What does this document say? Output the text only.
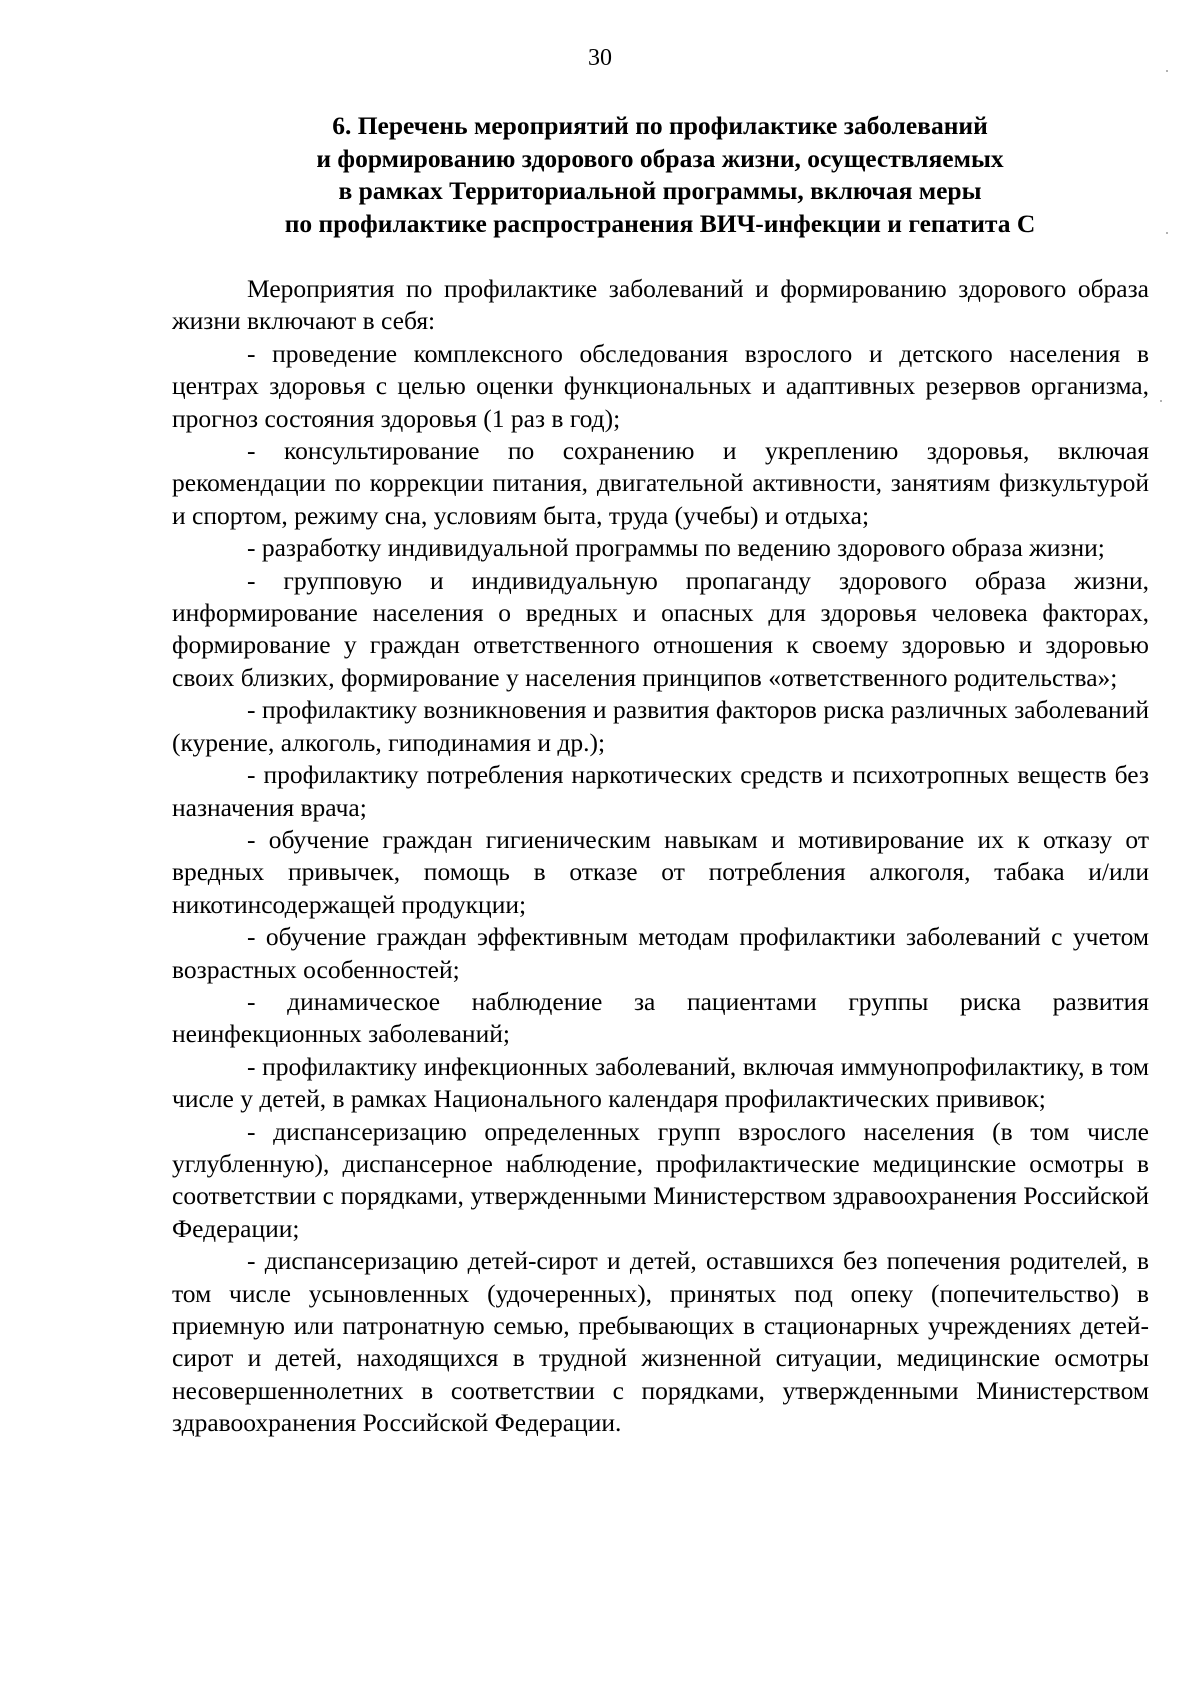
30
6. Перечень мероприятий по профилактике заболеваний
и формированию здорового образа жизни, осуществляемых
в рамках Территориальной программы, включая меры
по профилактике распространения ВИЧ-инфекции и гепатита С

Мероприятия по профилактике заболеваний и формированию здорового образа жизни включают в себя:

- проведение комплексного обследования взрослого и детского населения в центрах здоровья с целью оценки функциональных и адаптивных резервов организма, прогноз состояния здоровья (1 раз в год);

- консультирование по сохранению и укреплению здоровья, включая рекомендации по коррекции питания, двигательной активности, занятиям физкультурой и спортом, режиму сна, условиям быта, труда (учебы) и отдыха;

- разработку индивидуальной программы по ведению здорового образа жизни;

- групповую и индивидуальную пропаганду здорового образа жизни, информирование населения о вредных и опасных для здоровья человека факторах, формирование у граждан ответственного отношения к своему здоровью и здоровью своих близких, формирование у населения принципов «ответственного родительства»;

- профилактику возникновения и развития факторов риска различных заболеваний (курение, алкоголь, гиподинамия и др.);

- профилактику потребления наркотических средств и психотропных веществ без назначения врача;

- обучение граждан гигиеническим навыкам и мотивирование их к отказу от вредных привычек, помощь в отказе от потребления алкоголя, табака и/или никотинсодержащей продукции;

- обучение граждан эффективным методам профилактики заболеваний с учетом возрастных особенностей;

- динамическое наблюдение за пациентами группы риска развития неинфекционных заболеваний;

- профилактику инфекционных заболеваний, включая иммунопрофилактику, в том числе у детей, в рамках Национального календаря профилактических прививок;

- диспансеризацию определенных групп взрослого населения (в том числе углубленную), диспансерное наблюдение, профилактические медицинские осмотры в соответствии с порядками, утвержденными Министерством здравоохранения Российской Федерации;

- диспансеризацию детей-сирот и детей, оставшихся без попечения родителей, в том числе усыновленных (удочеренных), принятых под опеку (попечительство) в приемную или патронатную семью, пребывающих в стационарных учреждениях детей-сирот и детей, находящихся в трудной жизненной ситуации, медицинские осмотры несовершеннолетних в соответствии с порядками, утвержденными Министерством здравоохранения Российской Федерации.
